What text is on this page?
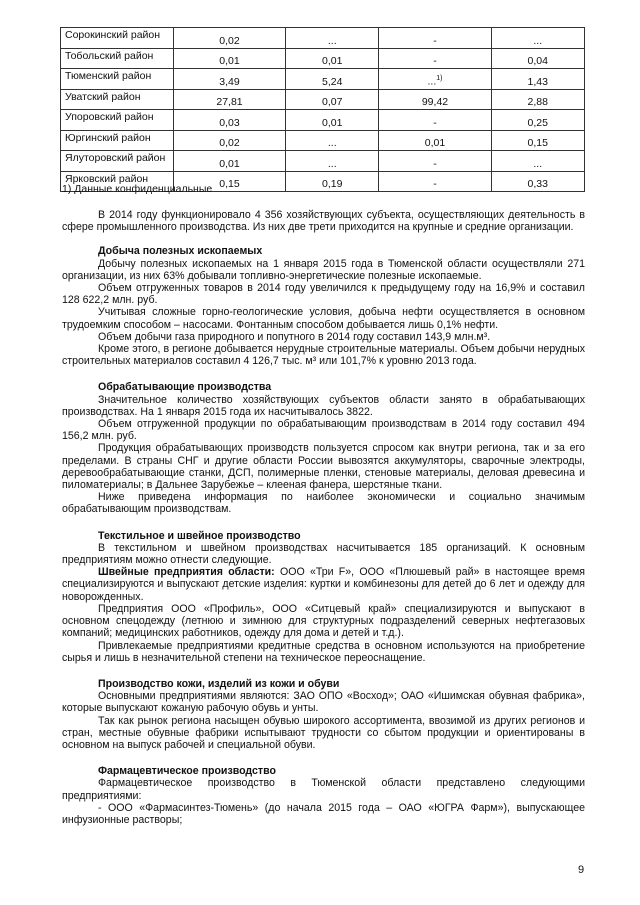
Сорокинский район	0,02	...	-	...
Тобольский район	0,01	0,01	-	0,04
Тюменский район	3,49	5,24	...$^{1)}$	1,43
Уватский район	27,81	0,07	99,42	2,88
Упоровский район	0,03	0,01	-	0,25
Юргинский район	0,02	...	0,01	0,15
Ялуторовский район	0,01	...	-	...
Ярковский район	0,15	0,19	-	0,33
1) Данные конфиденциальные

В 2014 году функционировало 4 356 хозяйствующих субъекта, осуществляющих деятельность в сфере промышленного производства. Из них две трети приходится на крупные и средние организации.

Добыча полезных ископаемых

Добычу полезных ископаемых на 1 января 2015 года в Тюменской области осуществляли 271 организации, из них 63% добывали топливно-энергетические полезные ископаемые.

Объем отгруженных товаров в 2014 году увеличился к предыдущему году на 16,9% и составил 128 622,2 млн. руб.

Учитывая сложные горно-геологические условия, добыча нефти осуществляется в основном трудоемким способом – насосами. Фонтанным способом добывается лишь 0,1% нефти.

Объем добычи газа природного и попутного в 2014 году составил 143,9 млн.м³.

Кроме этого, в регионе добывается нерудные строительные материалы. Объем добычи нерудных строительных материалов составил 4 126,7 тыс. м³ или 101,7% к уровню 2013 года.

Обрабатывающие производства

Значительное количество хозяйствующих субъектов области занято в обрабатывающих производствах. На 1 января 2015 года их насчитывалось 3822.

Объем отгруженной продукции по обрабатывающим производствам в 2014 году составил 494 156,2 млн. руб.

Продукция обрабатывающих производств пользуется спросом как внутри региона, так и за его пределами. В страны СНГ и другие области России вывозятся аккумуляторы, сварочные электроды, деревообрабатывающие станки, ДСП, полимерные пленки, стеновые материалы, деловая древесина и пиломатериалы; в Дальнее Зарубежье – клееная фанера, шерстяные ткани.

Ниже приведена информация по наиболее экономически и социально значимым обрабатывающим производствам.

Текстильное и швейное производство

В текстильном и швейном производствах насчитывается 185 организаций. К основным предприятиям можно отнести следующие.

Швейные предприятия области: ООО «Три F», ООО «Плюшевый рай» в настоящее время специализируются и выпускают детские изделия: куртки и комбинезоны для детей до 6 лет и одежду для новорожденных.

Предприятия ООО «Профиль», ООО «Ситцевый край» специализируются и выпускают в основном спецодежду (летнюю и зимнюю для структурных подразделений северных нефтегазовых компаний; медицинских работников, одежду для дома и детей и т.д.).

Привлекаемые предприятиями кредитные средства в основном используются на приобретение сырья и лишь в незначительной степени на техническое переоснащение.

Производство кожи, изделий из кожи и обуви

Основными предприятиями являются: ЗАО ОПО «Восход»; ОАО «Ишимская обувная фабрика», которые выпускают кожаную рабочую обувь и унты.

Так как рынок региона насыщен обувью широкого ассортимента, ввозимой из других регионов и стран, местные обувные фабрики испытывают трудности со сбытом продукции и ориентированы в основном на выпуск рабочей и специальной обуви.

Фармацевтическое производство

Фармацевтическое производство в Тюменской области представлено следующими предприятиями:

- ООО «Фармасинтез-Тюмень» (до начала 2015 года – ОАО «ЮГРА Фарм»), выпускающее инфузионные растворы;

9
